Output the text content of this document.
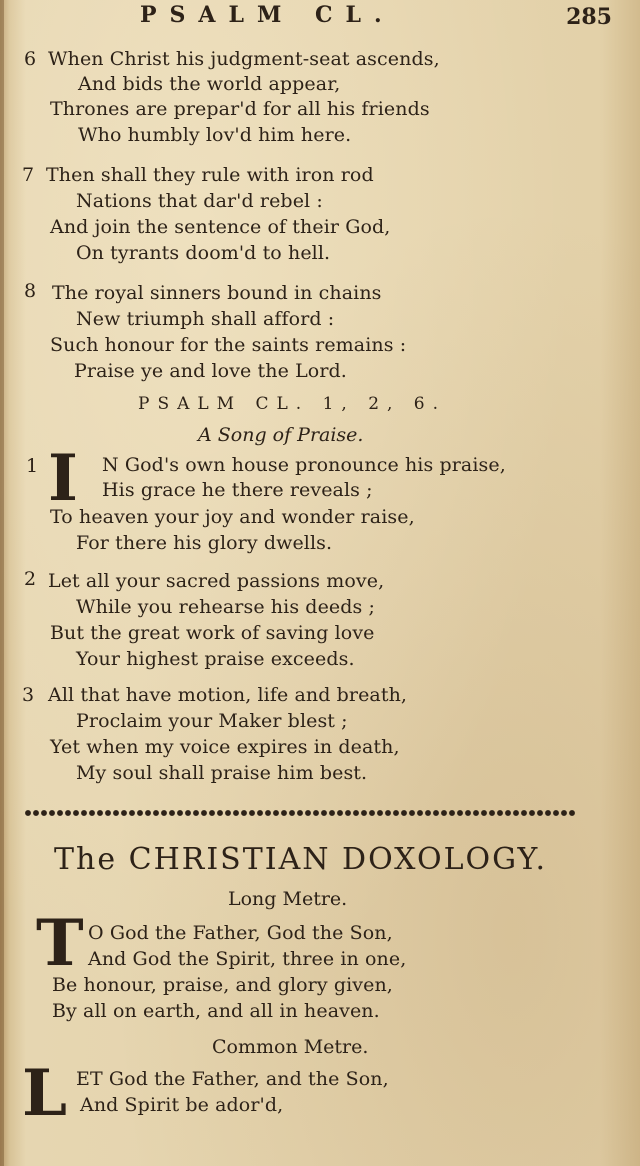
PSALM CL.	285
6 When Christ his judgment-seat ascends,
And bids the world appear,
Thrones are prepar'd for all his friends
Who humbly lov'd him here.
7 Then shall they rule with iron rod
Nations that dar'd rebel :
And join the sentence of their God,
On tyrants doom'd to hell.
8 The royal sinners bound in chains
New triumph shall afford :
Such honour for the saints remains :
Praise ye and love the Lord.
PSALM CL. 1, 2, 6.
A Song of Praise.
1 I N God's own house pronounce his praise,
His grace he there reveals ;
To heaven your joy and wonder raise,
For there his glory dwells.
2 Let all your sacred passions move,
While you rehearse his deeds ;
But the great work of saving love
Your highest praise exceeds.
3 All that have motion, life and breath,
Proclaim your Maker blest ;
Yet when my voice expires in death,
My soul shall praise him best.
The CHRISTIAN DOXOLOGY.
Long Metre.
T O God the Father, God the Son,
And God the Spirit, three in one,
Be honour, praise, and glory given,
By all on earth, and all in heaven.
Common Metre.
L ET God the Father, and the Son,
And Spirit be ador'd,
